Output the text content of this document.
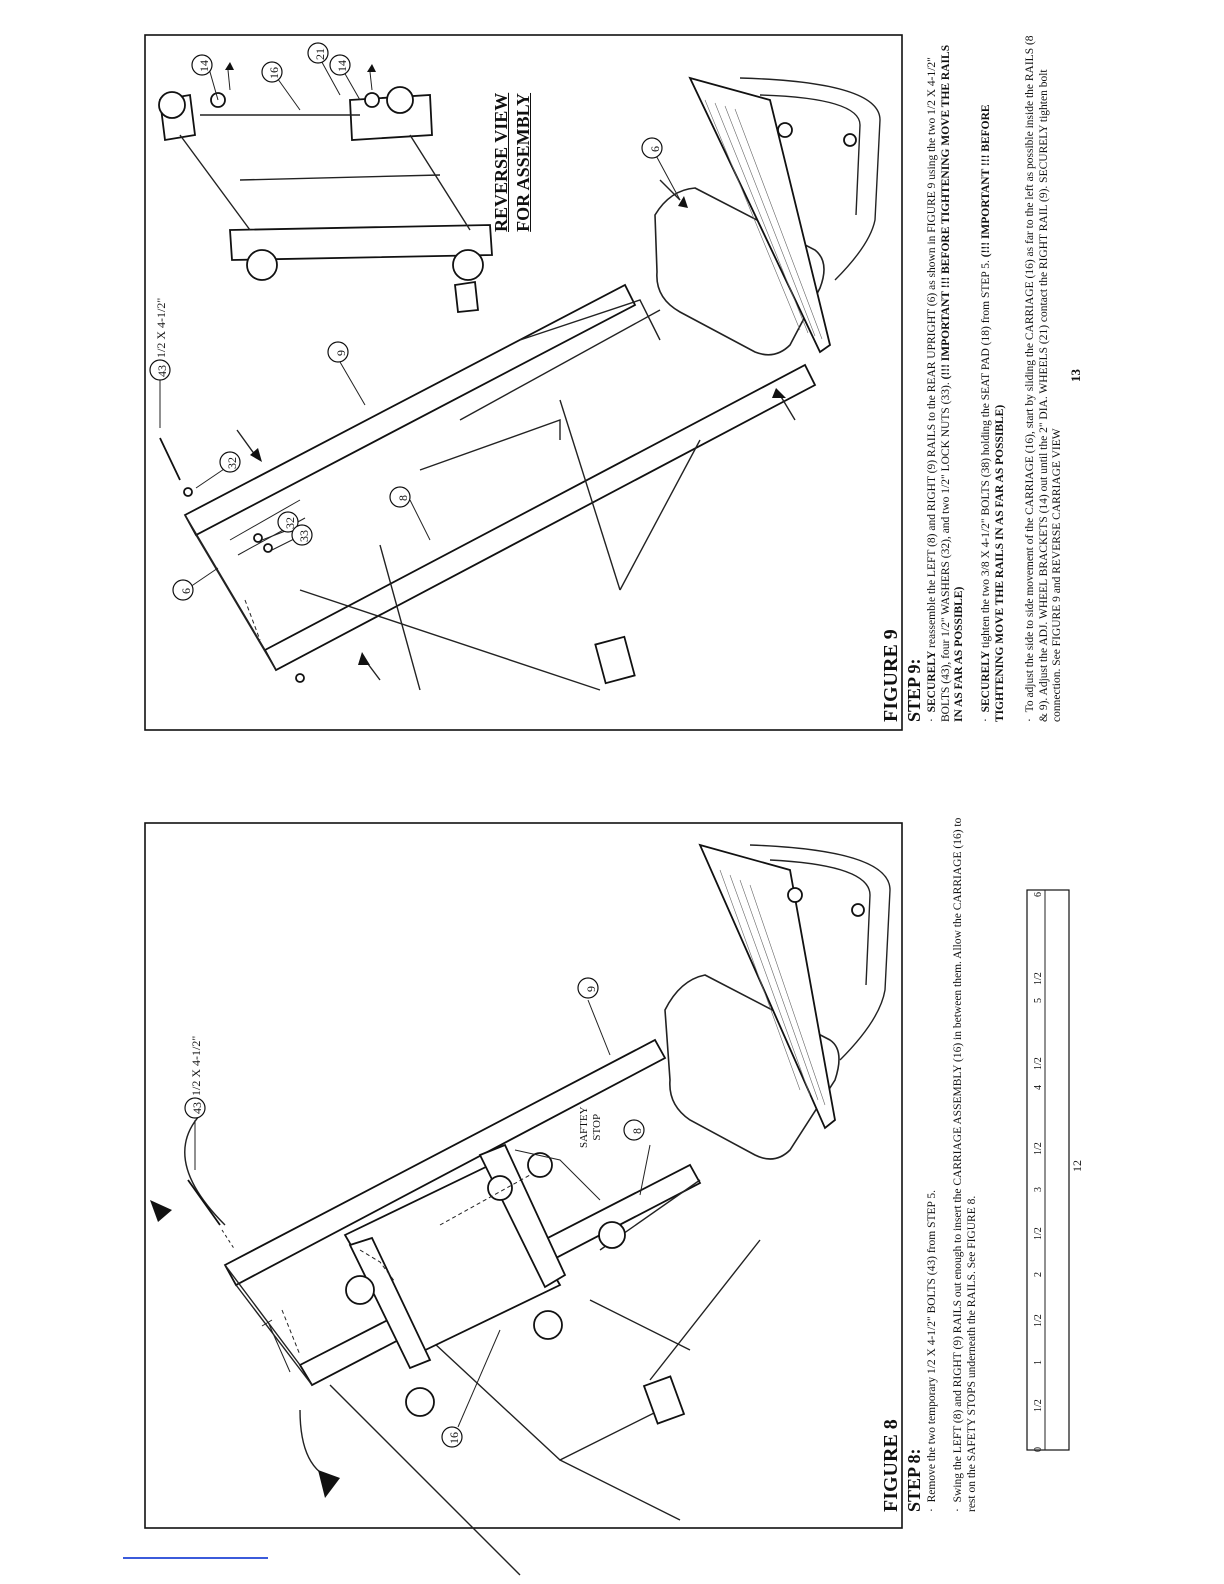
43
9
8
16
43
32
32
33
6
8
9
6
16
14	14
21
1/2 X 4-1/2"
1/2 X 4-1/2"
SAFTEY STOP
REVERSE VIEW FOR ASSEMBLY
FIGURE 8 STEP 8: ·  Remove the two temporary 1/2 X 4-1/2" BOLTS (43) from STEP 5.
·  Swing the LEFT (8) and RIGHT (9) RAILS out enough to insert the CARRIAGE ASSEMBLY (16) in between them. Allow the CARRIAGE (16) to rest on the SAFETY STOPS underneath the RAILS. See FIGURE 8.	0
1/2
1
1/2
2
1/2
3
1/2
4
1/2
5
1/2
6
12
FIGURE 9 STEP 9: ·  SECURELY reassemble the LEFT (8) and RIGHT (9) RAILS to the REAR UPRIGHT (6) as shown in FIGURE 9 using the two 1/2 X 4-1/2" BOLTS (43), four 1/2" WASHERS (32), and two 1/2" LOCK NUTS (33). (!!! IMPORTANT !!! BEFORE TIGHTENING MOVE THE RAILS IN AS FAR AS POSSIBLE) ·  SECURELY tighten the two 3/8 X 4-1/2" BOLTS (38) holding the SEAT PAD (18) from STEP 5. (!!! IMPORTANT !!! BEFORE TIGHTENING MOVE THE RAILS IN AS FAR AS POSSIBLE) ·  To adjust the side to side movement of the CARRIAGE (16), start by sliding the CARRIAGE (16) as far to the left as possible inside the RAILS (8 & 9). Adjust the ADJ. WHEEL BRACKETS (14) out until the 2" DIA. WHEELS (21) contact the RIGHT RAIL (9). SECURELY tighten bolt connection. See FIGURE 9 and REVERSE CARRIAGE VIEW
13
